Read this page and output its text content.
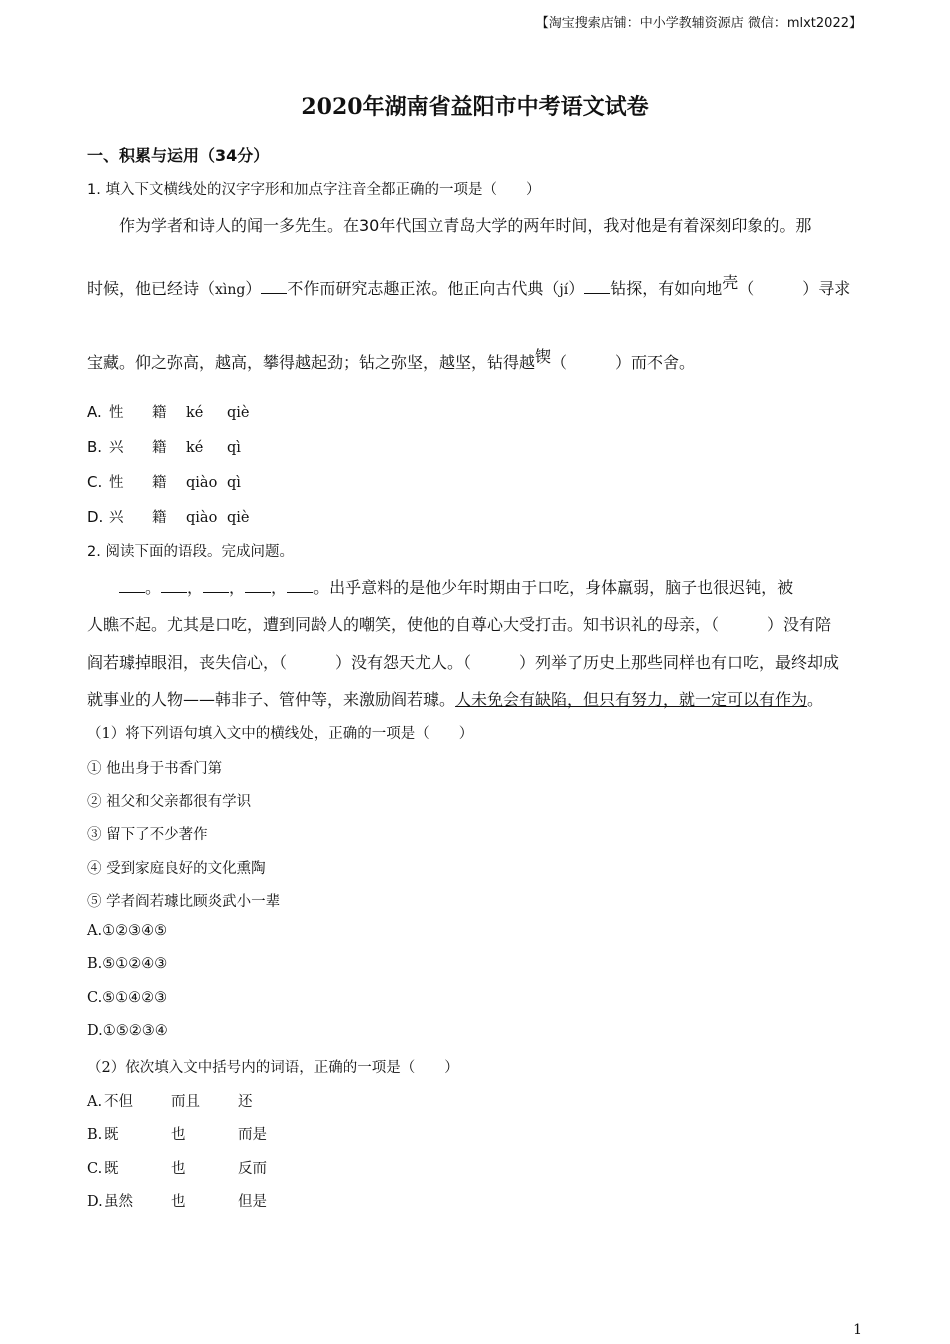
【淘宝搜索店铺：中小学教辅资源店 微信：mlxt2022】
2020年湖南省益阳市中考语文试卷
一、积累与运用（34分）
1. 填入下文横线处的汉字字形和加点字注音全都正确的一项是（　　）
作为学者和诗人的闻一多先生。在30年代国立青岛大学的两年时间，我对他是有着深刻印象的。那
时候，他已经诗（xìng） 不作而研究志趣正浓。他正向古代典（jí） 钻探，有如向地壳（　　　）寻求
宝藏。仰之弥高，越高，攀得越起劲；钻之弥坚，越坚，钻得越锲（　　　）而不舍。
A. 性 籍 ké qiè
B. 兴 籍 ké qì
C. 性 籍 qiào qì
D. 兴 籍 qiào qiè
2. 阅读下面的语段。完成问题。
。 ， ， ， 。出乎意料的是他少年时期由于口吃，身体羸弱，脑子也很迟钝，被
人瞧不起。尤其是口吃，遭到同龄人的嘲笑，使他的自尊心大受打击。知书识礼的母亲，（　　　）没有陪
阎若璩掉眼泪，丧失信心，（　　　）没有怨天尤人。（　　　）列举了历史上那些同样也有口吃，最终却成
就事业的人物——韩非子、管仲等，来激励阎若璩。人未免会有缺陷，但只有努力，就一定可以有作为。
（1）将下列语句填入文中的横线处，正确的一项是（　　）
① 他出身于书香门第
② 祖父和父亲都很有学识
③ 留下了不少著作
④ 受到家庭良好的文化熏陶
⑤ 学者阎若璩比顾炎武小一辈
A.①②③④⑤
B.⑤①②④③
C.⑤①④②③
D.①⑤②③④
（2）依次填入文中括号内的词语，正确的一项是（　　）
A. 不但	而且	还
B. 既	也	而是
C. 既	也	反而
D.虽然	也	但是
1
